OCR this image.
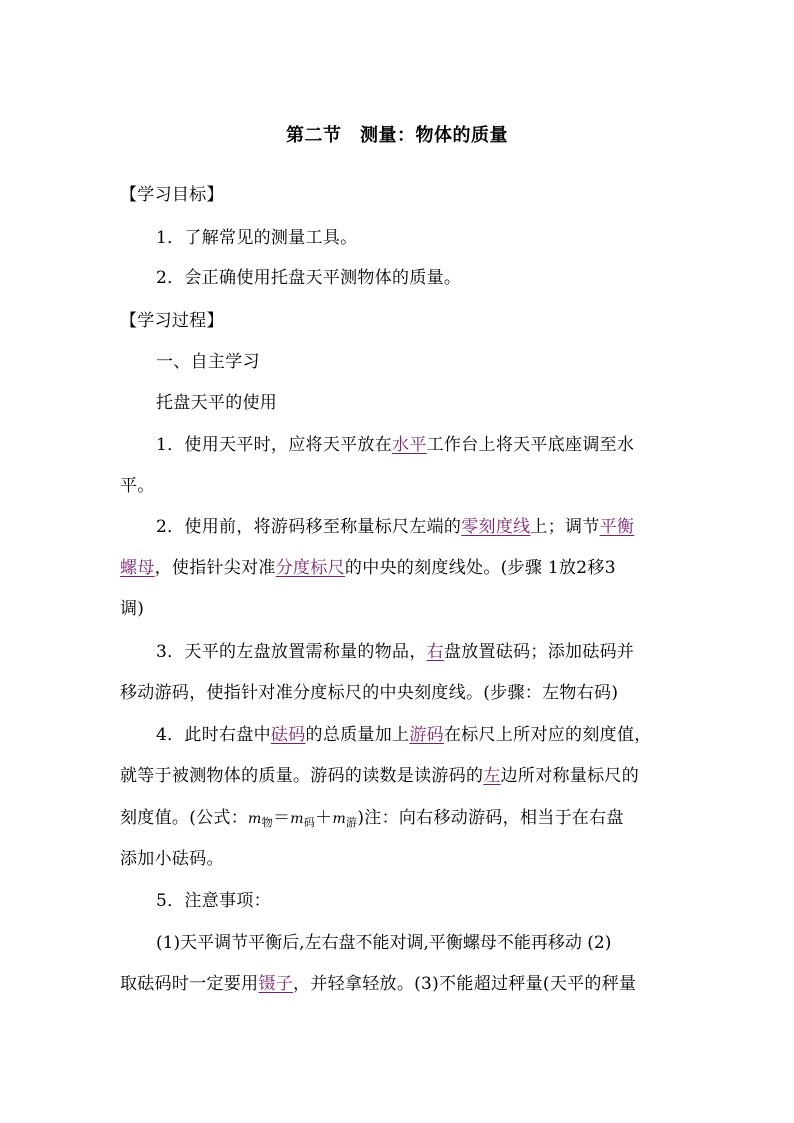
第二节　测量：物体的质量
【学习目标】
1．了解常见的测量工具。
2．会正确使用托盘天平测物体的质量。
【学习过程】
一、自主学习
托盘天平的使用
1．使用天平时，应将天平放在水平工作台上将天平底座调至水
平。
2．使用前，将游码移至称量标尺左端的零刻度线上；调节平衡
螺母，使指针尖对准分度标尺的中央的刻度线处。(步骤 1放2移3
调)
3．天平的左盘放置需称量的物品，右盘放置砝码；添加砝码并
移动游码，使指针对准分度标尺的中央刻度线。(步骤：左物右码)
4．此时右盘中砝码的总质量加上游码在标尺上所对应的刻度值，
就等于被测物体的质量。游码的读数是读游码的左边所对称量标尺的
刻度值。(公式：$m_物=m_码+m_游$)注：向右移动游码，相当于在右盘
添加小砝码。
5．注意事项：
(1)天平调节平衡后,左右盘不能对调,平衡螺母不能再移动 (2)
取砝码时一定要用镊子，并轻拿轻放。(3)不能超过秤量(天平的秤量
